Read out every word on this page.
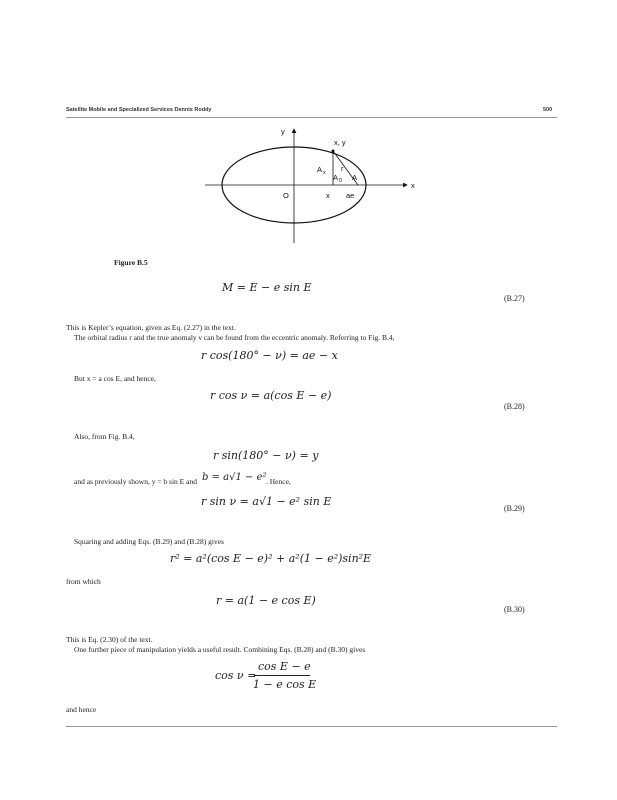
Satellite Mobile and Specialized Services Dennis Roddy	500
y
x
x, y
O	x ae
r
A x A 0 A
Figure B.5
M = E − e sin E
(B.27)
This is Kepler’s equation, given as Eq. (2.27) in the text.
The orbital radius r and the true anomaly ν can be found from the eccentric anomaly. Referring to Fig. B.4,
r cos(180° − ν) = ae − x
But x = a cos E, and hence,
r cos ν = a(cos E − e)
(B.28)
Also, from Fig. B.4,
r sin(180° − ν) = y
and as previously shown, y = b sin E and b = a√1 − e² . Hence,
r sin ν = a√1 − e² sin E
(B.29)
Squaring and adding Eqs. (B.29) and (B.28) gives
r² = a²(cos E − e)² + a²(1 − e²)sin²E
from which
r = a(1 − e cos E)
(B.30)
This is Eq. (2.30) of the text.
One further piece of manipulation yields a useful result. Combining Eqs. (B.28) and (B.30) gives
cos ν =
cos E − e
1 − e cos E
and hence
